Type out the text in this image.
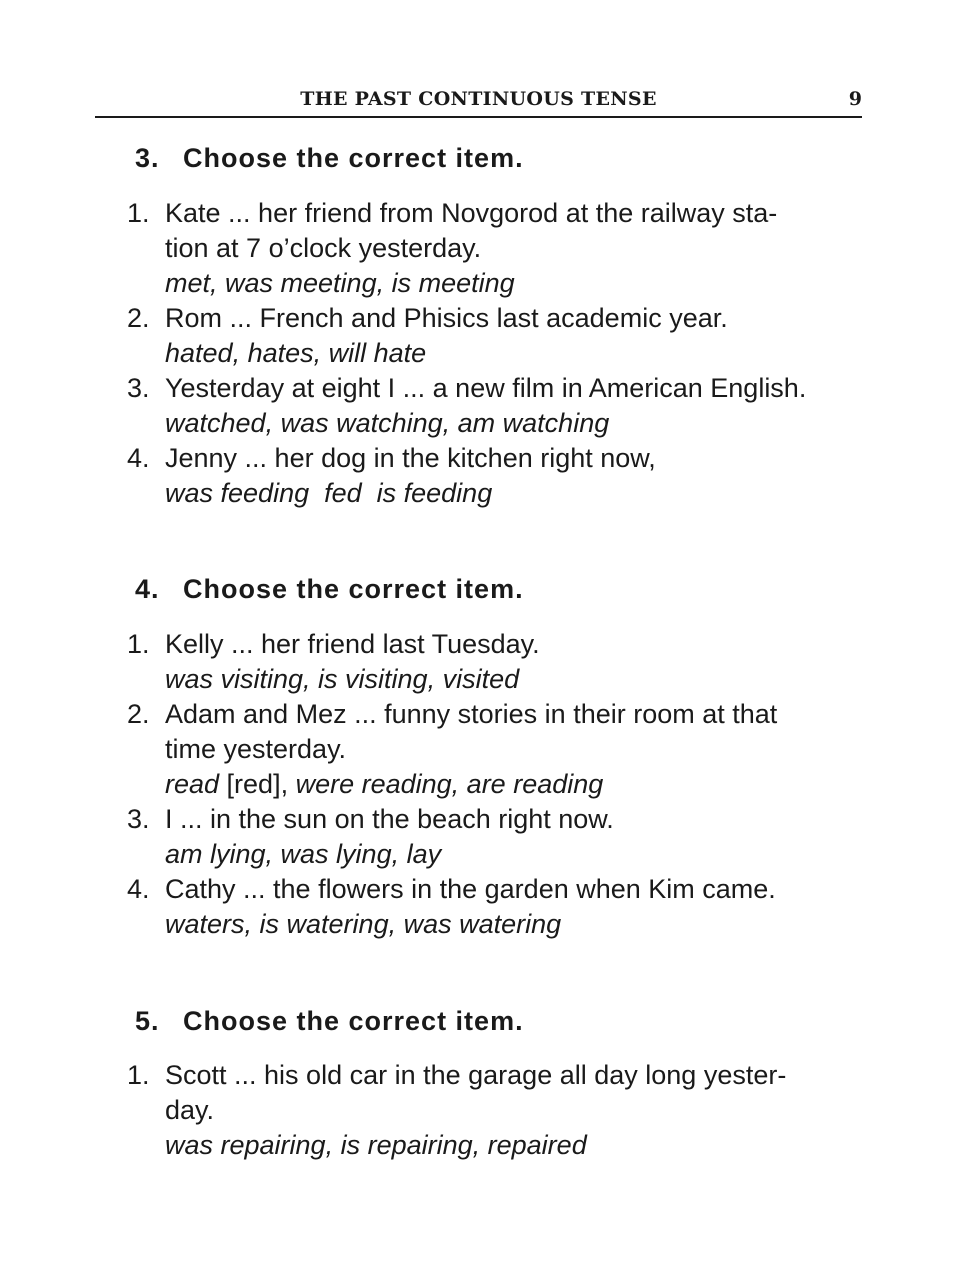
THE PAST CONTINUOUS TENSE	9
3. Choose the correct item.
1. Kate ... her friend from Novgorod at the railway sta-
tion at 7 o’clock yesterday.
met, was meeting, is meeting
2. Rom ... French and Phisics last academic year.
hated, hates, will hate
3. Yesterday at eight I ... a new film in American English.
watched, was watching, am watching
4. Jenny ... her dog in the kitchen right now,
was feeding  fed  is feeding
4. Choose the correct item.
1. Kelly ... her friend last Tuesday.
was visiting, is visiting, visited
2. Adam and Mez ... funny stories in their room at that
time yesterday.
read [red], were reading, are reading
3. I ... in the sun on the beach right now.
am lying, was lying, lay
4. Cathy ... the flowers in the garden when Kim came.
waters, is watering, was watering
5. Choose the correct item.
1. Scott ... his old car in the garage all day long yester-
day.
was repairing, is repairing, repaired
